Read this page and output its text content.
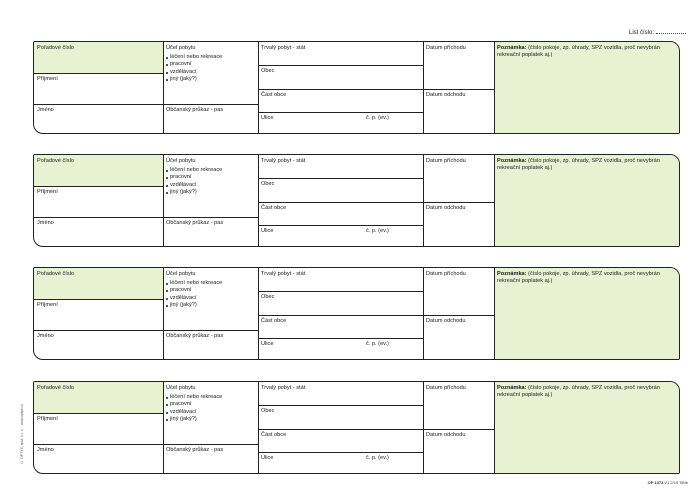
List číslo:
Pořadové číslo
Příjmení
Jméno
Účel pobytu
léčení nebo rekreace
pracovní
vzdělávací
jiný (jaký?)
Občanský průkaz - pas
Trvalý pobyt - stát
Obec
Část obce
Ulice	č. p. (ev.)
Datum příchodu
Datum odchodu
Poznámka: (číslo pokoje, zp. úhrady, SPZ vozidla, proč nevybrán rekreační poplatek aj.)
Pořadové číslo
Příjmení
Jméno
Účel pobytu
léčení nebo rekreace
pracovní
vzdělávací
jiný (jaký?)
Občanský průkaz - pas
Trvalý pobyt - stát
Obec
Část obce
Ulice	č. p. (ev.)
Datum příchodu
Datum odchodu
Poznámka: (číslo pokoje, zp. úhrady, SPZ vozidla, proč nevybrán rekreační poplatek aj.)
Pořadové číslo
Příjmení
Jméno
Účel pobytu
léčení nebo rekreace
pracovní
vzdělávací
jiný (jaký?)
Občanský průkaz - pas
Trvalý pobyt - stát
Obec
Část obce
Ulice	č. p. (ev.)
Datum příchodu
Datum odchodu
Poznámka: (číslo pokoje, zp. úhrady, SPZ vozidla, proč nevybrán rekreační poplatek aj.)
Pořadové číslo
Příjmení
Jméno
Účel pobytu
léčení nebo rekreace
pracovní
vzdělávací
jiný (jaký?)
Občanský průkaz - pas
Trvalý pobyt - stát
Obec
Část obce
Ulice	č. p. (ev.)
Datum příchodu
Datum odchodu
Poznámka: (číslo pokoje, zp. úhrady, SPZ vozidla, proč nevybrán rekreační poplatek aj.)
© OPTYS, spol. s r. o. · www.optys.cz
OP 1373 V1 2/15 TiMe
